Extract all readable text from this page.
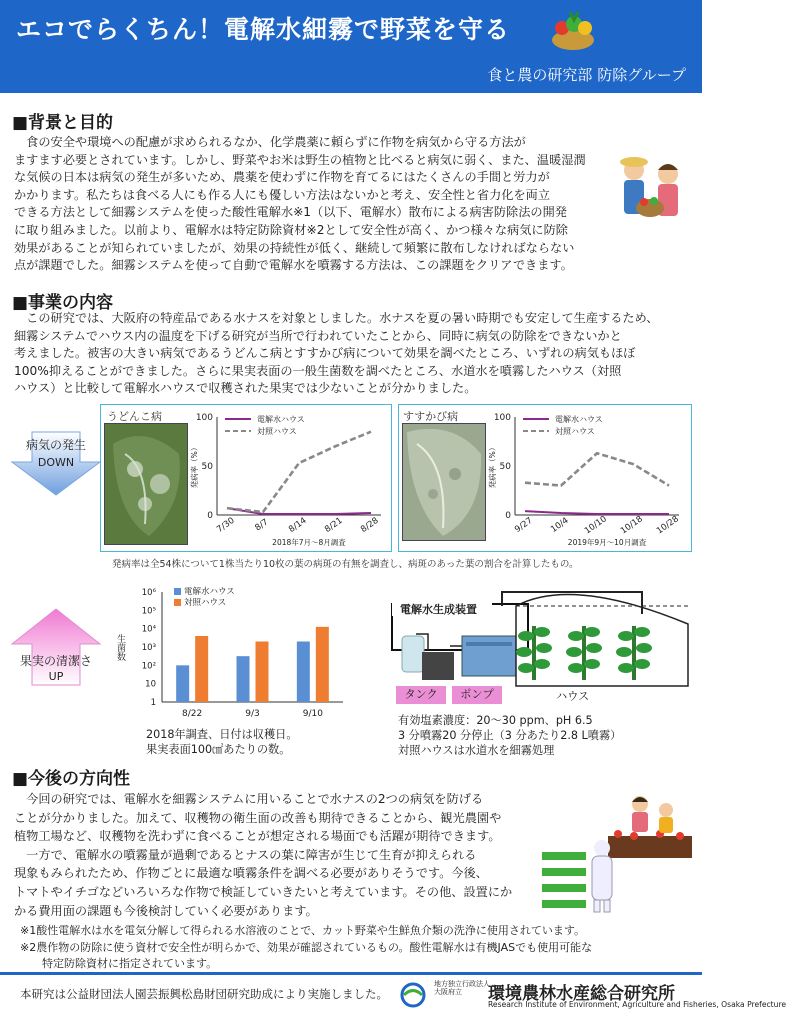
エコでらくちん！電解水細霧で野菜を守る
食と農の研究部 防除グループ
■背景と目的
　食の安全や環境への配慮が求められるなか、化学農薬に頼らずに作物を病気から守る方法が
ますます必要とされています。しかし、野菜やお米は野生の植物と比べると病気に弱く、また、温暖湿潤
な気候の日本は病気の発生が多いため、農薬を使わずに作物を育てるにはたくさんの手間と労力が
かかります。私たちは食べる人にも作る人にも優しい方法はないかと考え、安全性と省力化を両立
できる方法として細霧システムを使った酸性電解水※1（以下、電解水）散布による病害防除法の開発
に取り組みました。以前より、電解水は特定防除資材※2として安全性が高く、かつ様々な病気に防除
効果があることが知られていましたが、効果の持続性が低く、継続して頻繁に散布しなければならない
点が課題でした。細霧システムを使って自動で電解水を噴霧する方法は、この課題をクリアできます。
■事業の内容
　この研究では、大阪府の特産品である水ナスを対象としました。水ナスを夏の暑い時期でも安定して生産するため、
細霧システムでハウス内の温度を下げる研究が当所で行われていたことから、同時に病気の防除をできないかと
考えました。被害の大きい病気であるうどんこ病とすすかび病について効果を調べたところ、いずれの病気もほぼ
100%抑えることができました。さらに果実表面の一般生菌数を調べたところ、水道水を噴霧したハウス（対照
ハウス）と比較して電解水ハウスで収穫された果実では少ないことが分かりました。
病気の発生
DOWN
うどんこ病
0
50
100
7/30 8/7 8/14 8/21 8/28
発病率（%）
2018年7月～8月調査
電解水ハウス
対照ハウス
すすかび病
0
50
100
9/27 10/4 10/10 10/18 10/28
発病率（%）
2019年9月～10月調査
電解水ハウス
対照ハウス
発病率は全54株について1株当たり10枚の葉の病斑の有無を調査し、病斑のあった葉の割合を計算したもの。
果実の清潔さ
UP
1
10
10²
10³
10⁴
10⁵
10⁶
生菌数
8/22	9/3	9/10
電解水ハウス
対照ハウス
2018年調査、日付は収穫日。
果実表面100㎠あたりの数。
電解水生成装置
タンク	ポンプ	ハウス
有効塩素濃度：20～30 ppm、pH 6.5
3 分噴霧20 分停止（3 分あたり2.8 L噴霧）
対照ハウスは水道水を細霧処理
■今後の方向性
　今回の研究では、電解水を細霧システムに用いることで水ナスの2つの病気を防げる
ことが分かりました。加えて、収穫物の衛生面の改善も期待できることから、観光農園や
植物工場など、収穫物を洗わずに食べることが想定される場面でも活躍が期待できます。
　一方で、電解水の噴霧量が過剰であるとナスの葉に障害が生じて生育が抑えられる
現象もみられたため、作物ごとに最適な噴霧条件を調べる必要がありそうです。今後、
トマトやイチゴなどいろいろな作物で検証していきたいと考えています。その他、設置にか
かる費用面の課題も今後検討していく必要があります。
※1酸性電解水は水を電気分解して得られる水溶液のことで、カット野菜や生鮮魚介類の洗浄に使用されています。
※2農作物の防除に使う資材で安全性が明らかで、効果が確認されているもの。酸性電解水は有機JASでも使用可能な
　　特定防除資材に指定されています。
本研究は公益財団法人園芸振興松島財団研究助成により実施しました。
地方独立行政法人
大阪府立	環境農林水産総合研究所
Research Institute of Environment, Agriculture and Fisheries, Osaka Prefecture
